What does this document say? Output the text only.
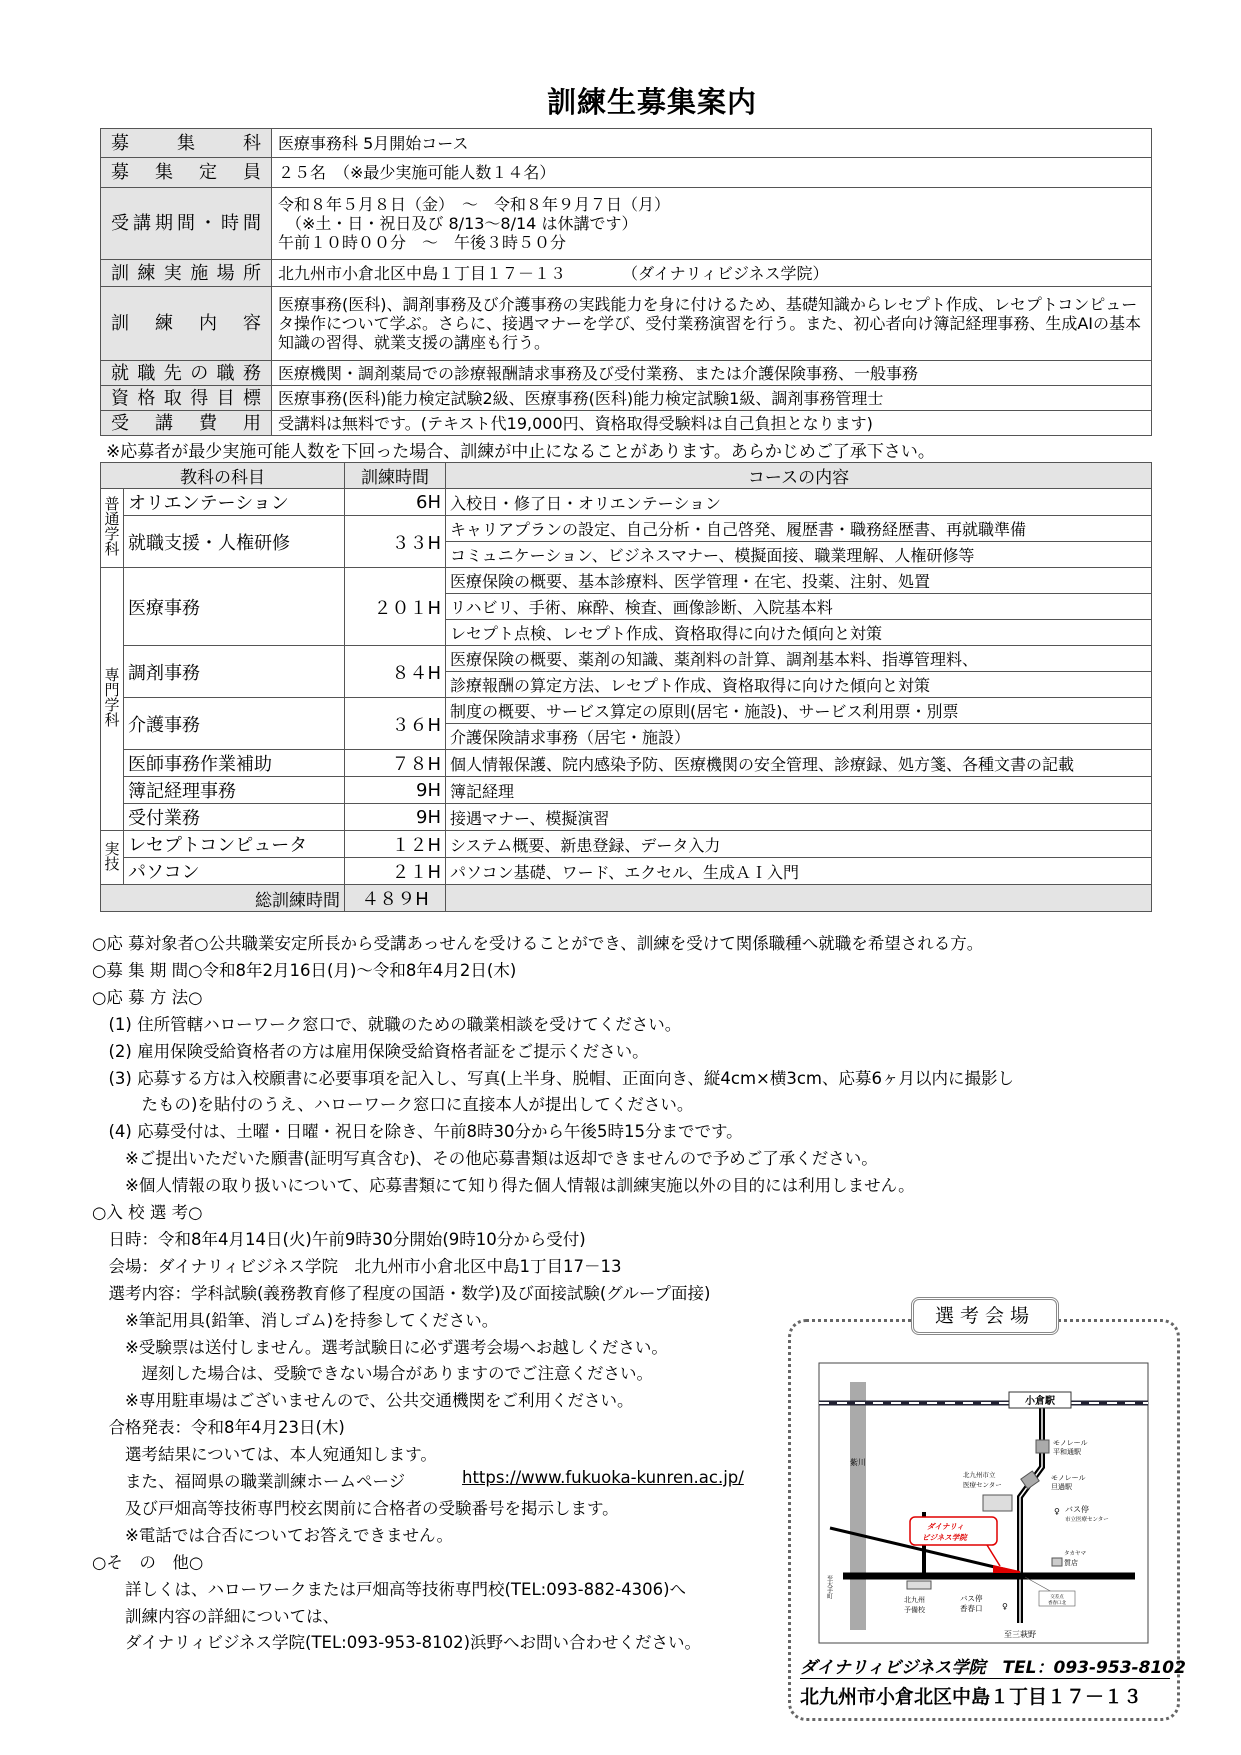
訓練生募集案内
募集科	医療事務科 5月開始コース

募集定員	２５名　（※最少実施可能人数１４名）

受講期間・時間	令和８年５月８日（金）　～　令和８年９月７日（月）
　（※土・日・祝日及び 8/13～8/14 は休講です）
午前１０時００分　～　午後３時５０分

訓練実施場所	北九州市小倉北区中島１丁目１７－１３　　　　（ダイナリィビジネス学院）

訓練内容	医療事務(医科)、調剤事務及び介護事務の実践能力を身に付けるため、基礎知識からレセプト作成、レセプトコンピュータ操作について学ぶ。さらに、接遇マナーを学び、受付業務演習を行う。また、初心者向け簿記経理事務、生成AIの基本知識の習得、就業支援の講座も行う。

就職先の職務	医療機関・調剤薬局での診療報酬請求事務及び受付業務、または介護保険事務、一般事務

資格取得目標	医療事務(医科)能力検定試験2級、医療事務(医科)能力検定試験1級、調剤事務管理士

受講費用	受講料は無料です。(テキスト代19,000円、資格取得受験料は自己負担となります)
※応募者が最少実施可能人数を下回った場合、訓練が中止になることがあります。あらかじめご了承下さい。
教科の科目		訓練時間	コースの内容
普通学科	オリエンテーション	6H	入校日・修了日・オリエンテーション
	就職支援・人権研修	３３H	キャリアプランの設定、自己分析・自己啓発、履歴書・職務経歴書、再就職準備
			コミュニケーション、ビジネスマナー、模擬面接、職業理解、人権研修等
専門学科	医療事務	２０１H	医療保険の概要、基本診療料、医学管理・在宅、投薬、注射、処置
			リハビリ、手術、麻酔、検査、画像診断、入院基本料
			レセプト点検、レセプト作成、資格取得に向けた傾向と対策
	調剤事務	８４H	医療保険の概要、薬剤の知識、薬剤料の計算、調剤基本料、指導管理料、
			診療報酬の算定方法、レセプト作成、資格取得に向けた傾向と対策
	介護事務	３６H	制度の概要、サービス算定の原則(居宅・施設)、サービス利用票・別票
			介護保険請求事務（居宅・施設）
	医師事務作業補助	７８H	個人情報保護、院内感染予防、医療機関の安全管理、診療録、処方箋、各種文書の記載
	簿記経理事務	9H	簿記経理
	受付業務	9H	接遇マナー、模擬演習
実技	レセプトコンピュータ	１２H	システム概要、新患登録、データ入力
	パソコン	２１H	パソコン基礎、ワード、エクセル、生成ＡＩ入門
総訓練時間		４８９H	
○応 募対象者○公共職業安定所長から受講あっせんを受けることができ、訓練を受けて関係職種へ就職を希望される方。
○募 集 期 間○令和8年2月16日(月)～令和8年4月2日(木)
○応 募 方 法○
　(1) 住所管轄ハローワーク窓口で、就職のための職業相談を受けてください。
　(2) 雇用保険受給資格者の方は雇用保険受給資格者証をご提示ください。
　(3) 応募する方は入校願書に必要事項を記入し、写真(上半身、脱帽、正面向き、縦4cm×横3cm、応募6ヶ月以内に撮影し
　　　たもの)を貼付のうえ、ハローワーク窓口に直接本人が提出してください。
　(4) 応募受付は、土曜・日曜・祝日を除き、午前8時30分から午後5時15分までです。
　　※ご提出いただいた願書(証明写真含む)、その他応募書類は返却できませんので予めご了承ください。
　　※個人情報の取り扱いについて、応募書類にて知り得た個人情報は訓練実施以外の目的には利用しません。
○入 校 選 考○
　日時：令和8年4月14日(火)午前9時30分開始(9時10分から受付)
　会場：ダイナリィビジネス学院　北九州市小倉北区中島1丁目17－13
　選考内容：学科試験(義務教育修了程度の国語・数学)及び面接試験(グループ面接)
　　※筆記用具(鉛筆、消しゴム)を持参してください。
　　※受験票は送付しません。選考試験日に必ず選考会場へお越しください。
　　　遅刻した場合は、受験できない場合がありますのでご注意ください。
　　※専用駐車場はございませんので、公共交通機関をご利用ください。
　合格発表：令和8年4月23日(木)
　　選考結果については、本人宛通知します。
　　また、福岡県の職業訓練ホームページ	https://www.fukuoka-kunren.ac.jp/
　　及び戸畑高等技術専門校玄関前に合格者の受験番号を掲示します。
　　※電話では合否についてお答えできません。
○そ　の　他○
　　詳しくは、ハローワークまたは戸畑高等技術専門校(TEL:093-882-4306)へ
　　訓練内容の詳細については、
　　ダイナリィビジネス学院(TEL:093-953-8102)浜野へお問い合わせください。
選考会場
紫川
小倉駅
モノレール
平和通駅
モノレール
旦過駅
北九州市立
医療センター
♀ バス停
市立医療センター
ダイナリィ
ビジネス学院
タカヤマ
質店
至大手町
北九州
予備校
バス停
香春口 ♀
交差点
香春口北
至三萩野
ダイナリィビジネス学院　TEL：093-953-8102
北九州市小倉北区中島１丁目１７－１３
